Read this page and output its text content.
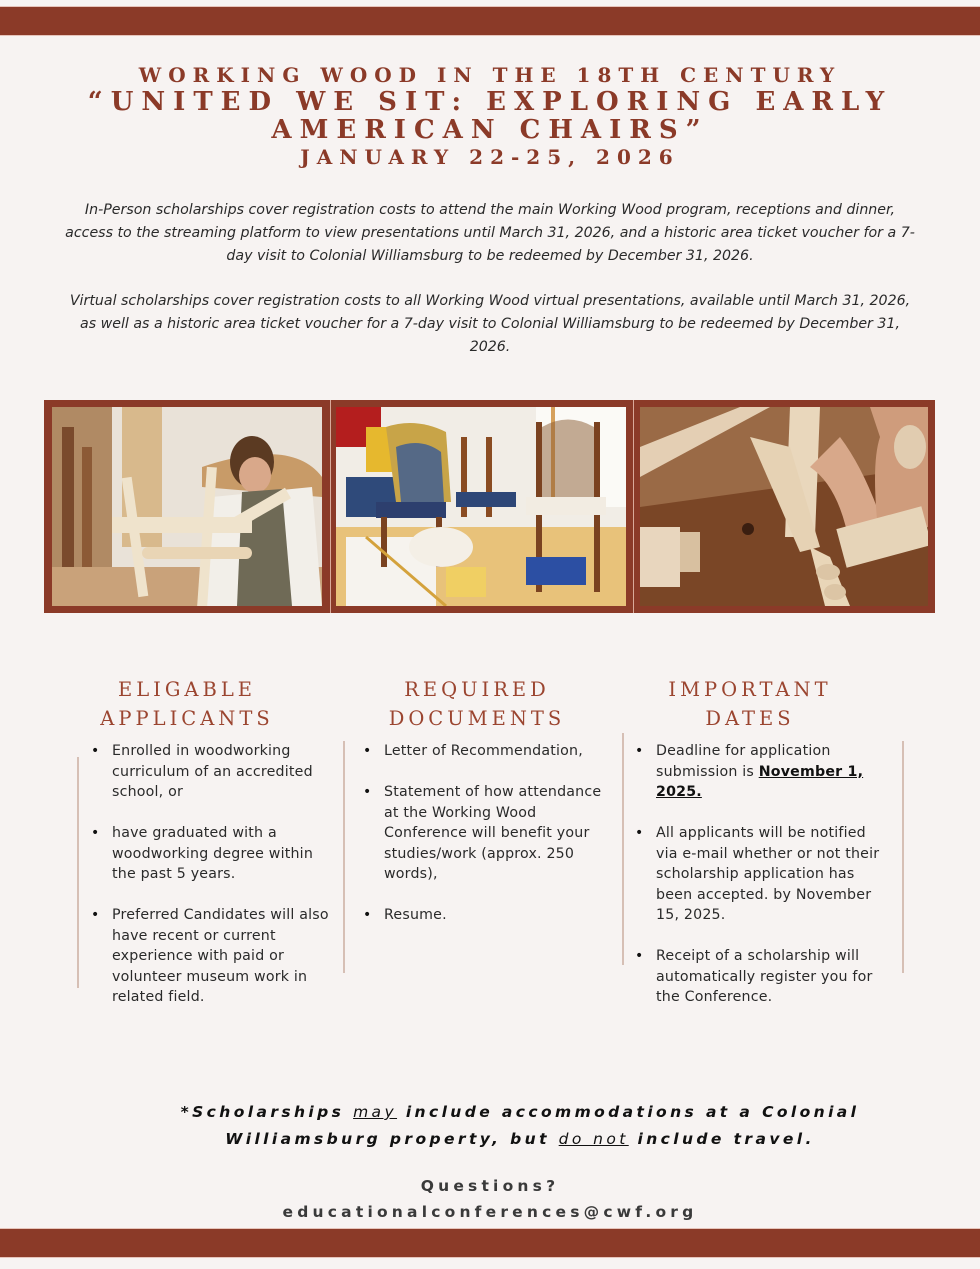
WORKING WOOD IN THE 18TH CENTURY
“UNITED WE SIT: EXPLORING EARLY
AMERICAN CHAIRS”
JANUARY 22-25, 2026

In-Person scholarships cover registration costs to attend the main Working Wood program, receptions and dinner, access to the streaming platform to view presentations until March 31, 2026, and a historic area ticket voucher for a 7-day visit to Colonial Williamsburg to be redeemed by December 31, 2026.

Virtual scholarships cover registration costs to all Working Wood virtual presentations, available until March 31, 2026, as well as a historic area ticket voucher for a 7-day visit to Colonial Williamsburg to be redeemed by December 31, 2026.

ELIGABLE
APPLICANTS
REQUIRED
DOCUMENTS
IMPORTANT
DATES
• Enrolled in woodworking curriculum of an accredited school, or
• have graduated with a woodworking degree within the past 5 years.
• Preferred Candidates will also have recent or current experience with paid or volunteer museum work in related field.
• Letter of Recommendation,
• Statement of how attendance at the Working Wood Conference will benefit your studies/work (approx. 250 words),
• Resume.
• Deadline for application submission is November 1, 2025.
• All applicants will be notified via e-mail whether or not their scholarship application has been accepted. by November 15, 2025.
• Receipt of a scholarship will automatically register you for the Conference.
*Scholarships may include accommodations at a Colonial Williamsburg property, but do not include travel.
Questions?
educationalconferences@cwf.org
